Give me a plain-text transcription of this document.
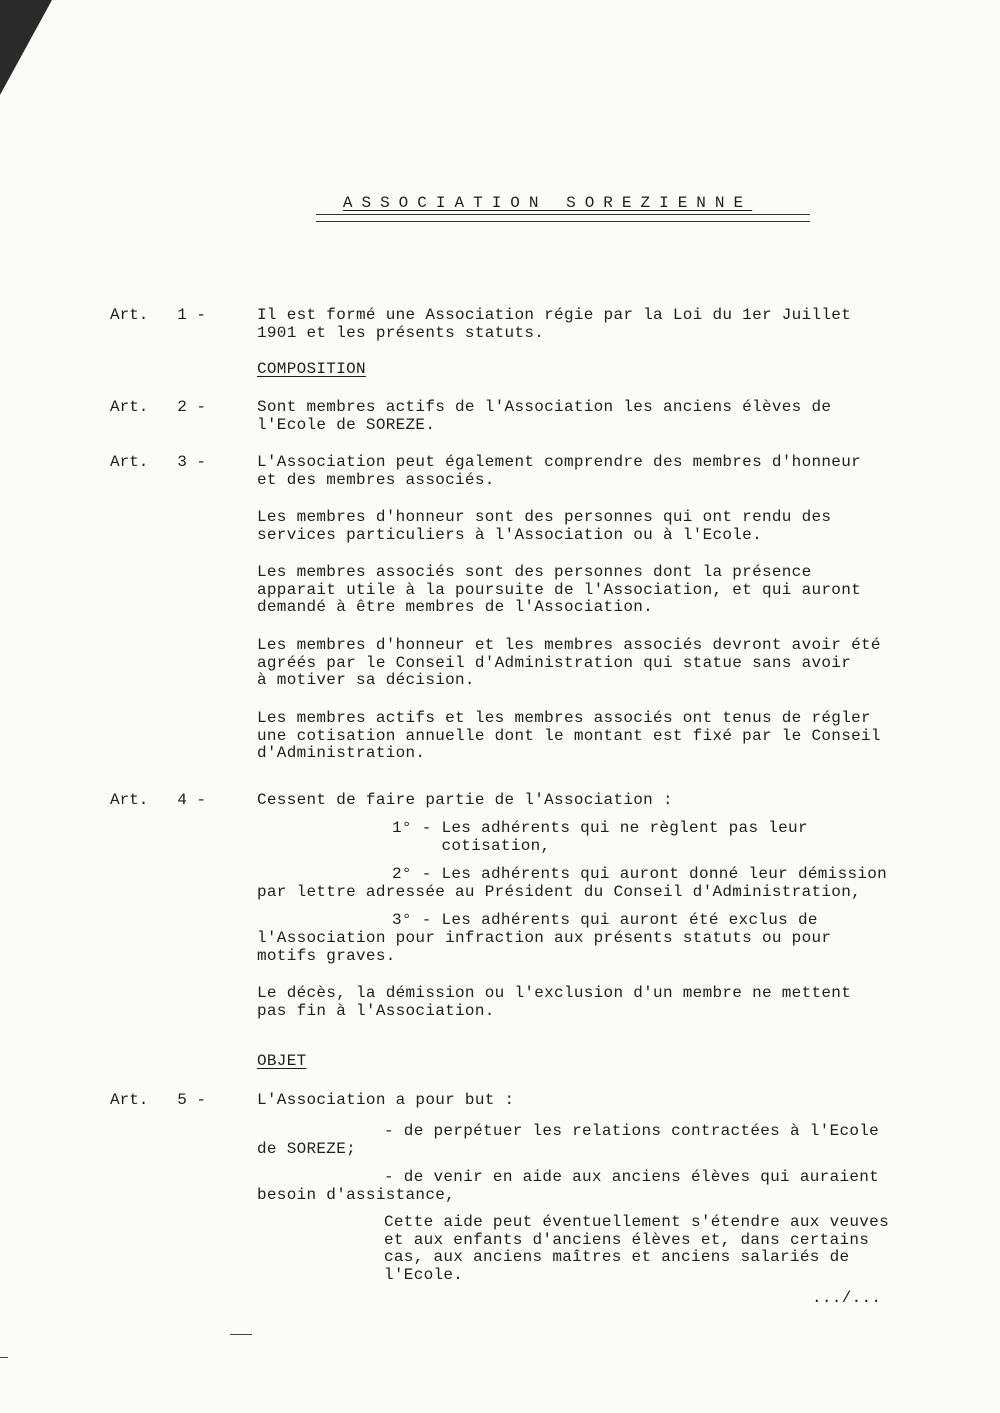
ASSOCIATION SOREZIENNE
Art.   1 -
Art.   2 -
Art.   3 -
Art.   4 -
Art.   5 -
Il est formé une Association régie par la Loi du 1er Juillet
1901 et les présents statuts.
COMPOSITION
Sont membres actifs de l'Association les anciens élèves de
l'Ecole de SOREZE.
L'Association peut également comprendre des membres d'honneur
et des membres associés.
Les membres d'honneur sont des personnes qui ont rendu des
services particuliers à l'Association ou à l'Ecole.
Les membres associés sont des personnes dont la présence
apparait utile à la poursuite de l'Association, et qui auront
demandé à être membres de l'Association.
Les membres d'honneur et les membres associés devront avoir été
agréés par le Conseil d'Administration qui statue sans avoir
à motiver sa décision.
Les membres actifs et les membres associés ont tenus de régler
une cotisation annuelle dont le montant est fixé par le Conseil
d'Administration.
Cessent de faire partie de l'Association :
1° - Les adhérents qui ne règlent pas leur
cotisation,
2° - Les adhérents qui auront donné leur démission
par lettre adressée au Président du Conseil d'Administration,
3° - Les adhérents qui auront été exclus de
l'Association pour infraction aux présents statuts ou pour
motifs graves.
Le décès, la démission ou l'exclusion d'un membre ne mettent
pas fin à l'Association.
OBJET
L'Association a pour but :
- de perpétuer les relations contractées à l'Ecole
de SOREZE;
- de venir en aide aux anciens élèves qui auraient
besoin d'assistance,
Cette aide peut éventuellement s'étendre aux veuves
et aux enfants d'anciens élèves et, dans certains
cas, aux anciens maîtres et anciens salariés de
l'Ecole.
.../...
